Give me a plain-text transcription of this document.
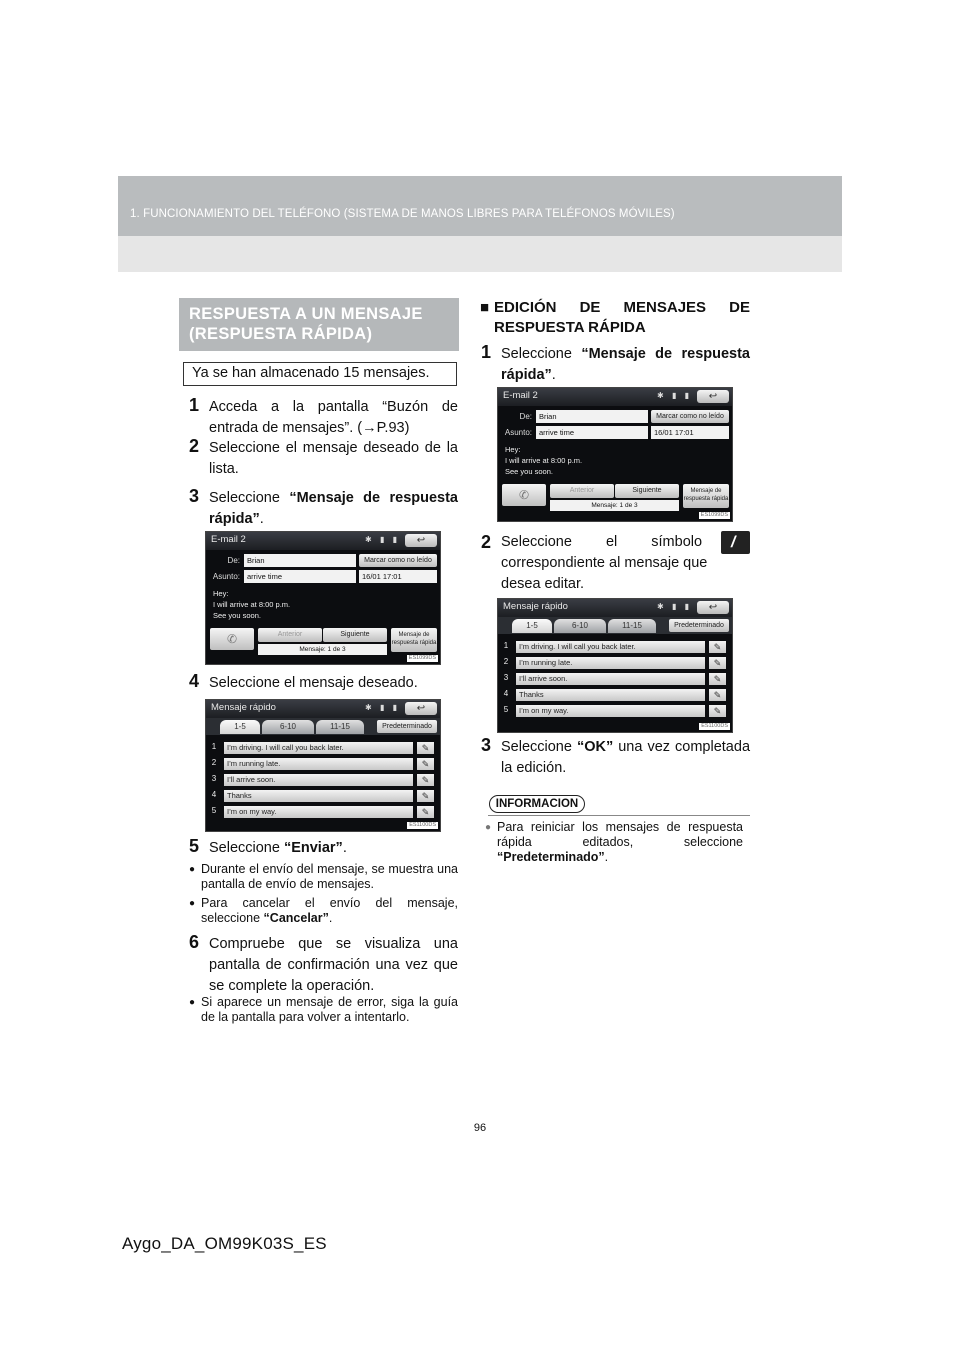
1. FUNCIONAMIENTO DEL TELÉFONO (SISTEMA DE MANOS LIBRES PARA TELÉFONOS MÓVILES)
RESPUESTA A UN MENSAJE (RESPUESTA RÁPIDA)
Ya se han almacenado 15 mensajes.
1 Acceda a la pantalla “Buzón de entrada de mensajes”. (→P.93)
2 Seleccione el mensaje deseado de la lista.
3 Seleccione “Mensaje de respuesta rápida”.
E-mail 2	✱ ▮ ▮	↩
De: Brian	Marcar como no leído
Asunto: arrive time	16/01 17:01
Hey:
I will arrive at 8:00 p.m.
See you soon.
✆	Anterior	Siguiente
Mensaje: 1 de 3
Mensaje de
respuesta rápida
ES1099DS
4 Seleccione el mensaje deseado.
Mensaje rápido	✱ ▮ ▮	↩
1-5	6-10	11-15	Predeterminado
1	I’m driving. I will call you back later.	✎
2	I’m running late.	✎
3	I’ll arrive soon.	✎
4	Thanks	✎
5	I’m on my way.	✎
ES1100DS
5 Seleccione “Enviar”.
● Durante el envío del mensaje, se muestra una pantalla de envío de mensajes.
● Para cancelar el envío del mensaje, seleccione “Cancelar”.
6 Compruebe que se visualiza una pantalla de confirmación una vez que se complete la operación.
● Si aparece un mensaje de error, siga la guía de la pantalla para volver a intentarlo.
■ EDICIÓN DE MENSAJES DE RESPUESTA RÁPIDA
1 Seleccione “Mensaje de respuesta rápida”.
E-mail 2	✱ ▮ ▮	↩
De: Brian	Marcar como no leído
Asunto: arrive time	16/01 17:01
Hey:
I will arrive at 8:00 p.m.
See you soon.
✆	Anterior	Siguiente
Mensaje: 1 de 3
Mensaje de
respuesta rápida
ES1099DS
2 Seleccione el símbolo
/
correspondiente al mensaje que desea editar.
Mensaje rápido	✱ ▮ ▮	↩
1-5	6-10	11-15	Predeterminado
1	I’m driving. I will call you back later.	✎
2	I’m running late.	✎
3	I’ll arrive soon.	✎
4	Thanks	✎
5	I’m on my way.	✎
ES1100DS
3 Seleccione “OK” una vez completada la edición.
INFORMACION
● Para reiniciar los mensajes de respuesta rápida editados, seleccione “Predeterminado”.
96
Aygo_DA_OM99K03S_ES
